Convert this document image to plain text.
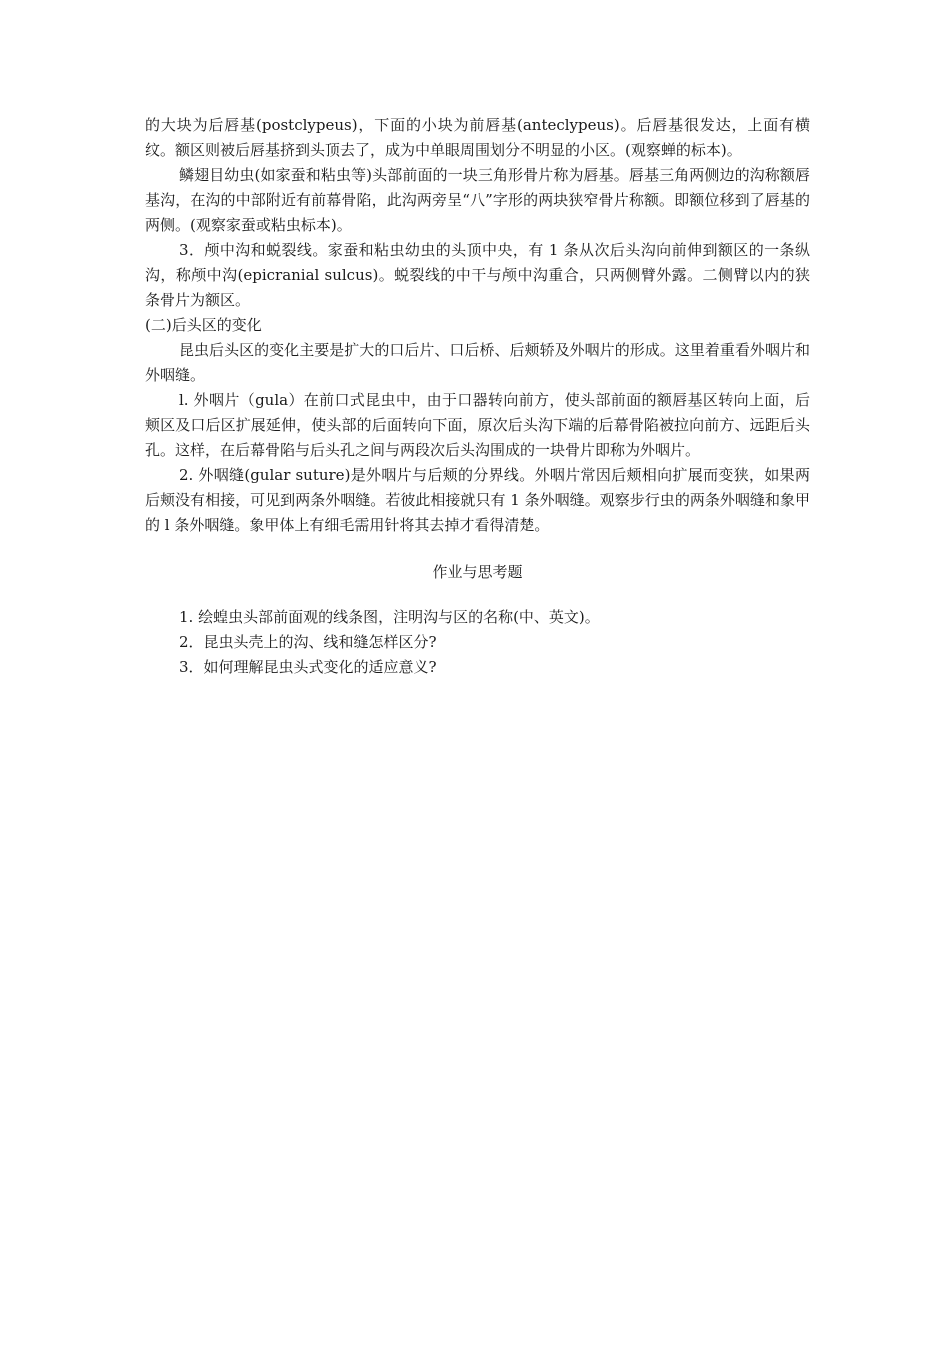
的大块为后唇基(postclypeus)，下面的小块为前唇基(anteclypeus)。后唇基很发达，上面有横纹。额区则被后唇基挤到头顶去了，成为中单眼周围划分不明显的小区。(观察蝉的标本)。

鳞翅目幼虫(如家蚕和粘虫等)头部前面的一块三角形骨片称为唇基。唇基三角两侧边的沟称额唇基沟，在沟的中部附近有前幕骨陷，此沟两旁呈“八”字形的两块狭窄骨片称额。即额位移到了唇基的两侧。(观察家蚕或粘虫标本)。

3．颅中沟和蜕裂线。家蚕和粘虫幼虫的头顶中央，有 1 条从次后头沟向前伸到额区的一条纵沟，称颅中沟(epicranial sulcus)。蜕裂线的中干与颅中沟重合，只两侧臂外露。二侧臂以内的狭条骨片为额区。

(二)后头区的变化

昆虫后头区的变化主要是扩大的口后片、口后桥、后颊轿及外咽片的形成。这里着重看外咽片和外咽缝。

l. 外咽片（gula）在前口式昆虫中，由于口器转向前方，使头部前面的额唇基区转向上面，后颊区及口后区扩展延伸，使头部的后面转向下面，原次后头沟下端的后幕骨陷被拉向前方、远距后头孔。这样，在后幕骨陷与后头孔之间与两段次后头沟围成的一块骨片即称为外咽片。

2. 外咽缝(gular suture)是外咽片与后颊的分界线。外咽片常因后颊相向扩展而变狭，如果两后颊没有相接，可见到两条外咽缝。若彼此相接就只有 1 条外咽缝。观察步行虫的两条外咽缝和象甲的 l 条外咽缝。象甲体上有细毛需用针将其去掉才看得清楚。

作业与思考题

1. 绘蝗虫头部前面观的线条图，注明沟与区的名称(中、英文)。

2．昆虫头壳上的沟、线和缝怎样区分?

3．如何理解昆虫头式变化的适应意义?
